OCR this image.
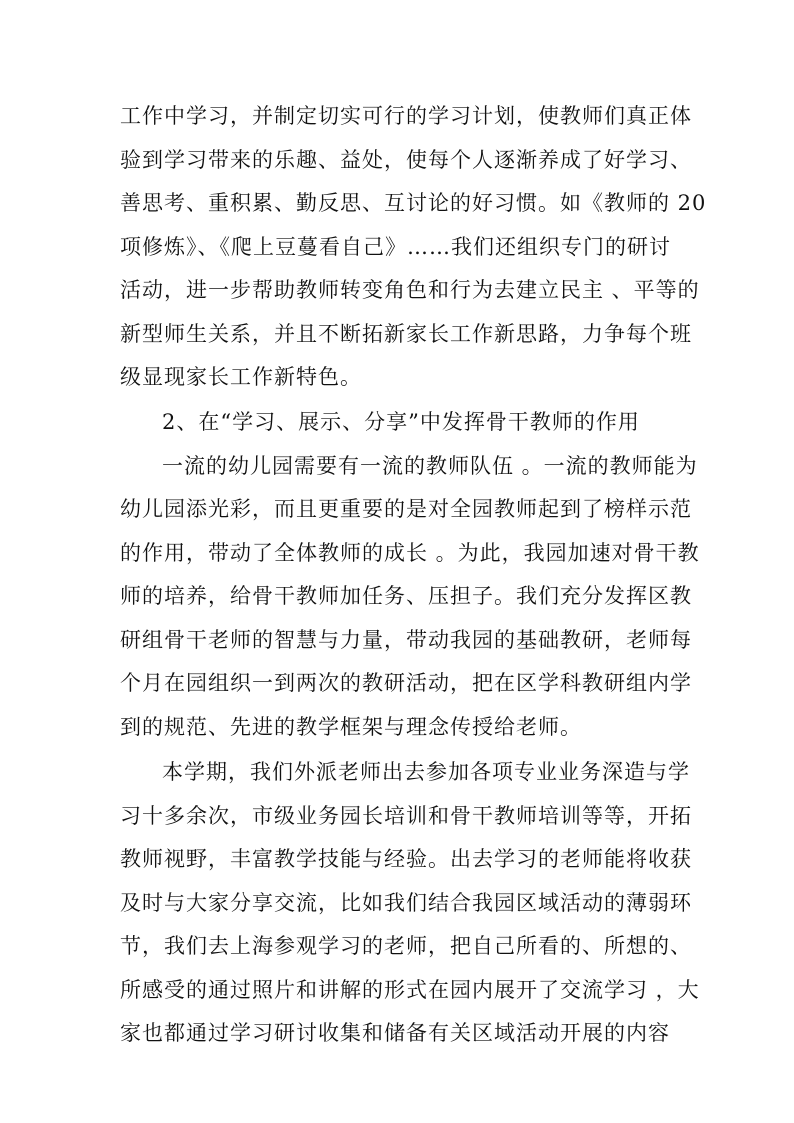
工作中学习，并制定切实可行的学习计划，使教师们真正体
验到学习带来的乐趣、益处，使每个人逐渐养成了好学习、
善思考、重积累、勤反思、互讨论的好习惯。如《教师的 20
项修炼》、《爬上豆蔓看自己》……我们还组织专门的研讨
活动，进一步帮助教师转变角色和行为去建立民主 、平等的
新型师生关系，并且不断拓新家长工作新思路，力争每个班
级显现家长工作新特色。
2、在“学习、展示、分享”中发挥骨干教师的作用
一流的幼儿园需要有一流的教师队伍 。一流的教师能为
幼儿园添光彩，而且更重要的是对全园教师起到了榜样示范
的作用，带动了全体教师的成长 。为此，我园加速对骨干教
师的培养，给骨干教师加任务、压担子。我们充分发挥区教
研组骨干老师的智慧与力量，带动我园的基础教研，老师每
个月在园组织一到两次的教研活动，把在区学科教研组内学
到的规范、先进的教学框架与理念传授给老师。
本学期，我们外派老师出去参加各项专业业务深造与学
习十多余次，市级业务园长培训和骨干教师培训等等，开拓
教师视野，丰富教学技能与经验。出去学习的老师能将收获
及时与大家分享交流，比如我们结合我园区域活动的薄弱环
节，我们去上海参观学习的老师，把自己所看的、所想的、
所感受的通过照片和讲解的形式在园内展开了交流学习 ，大
家也都通过学习研讨收集和储备有关区域活动开展的内容
